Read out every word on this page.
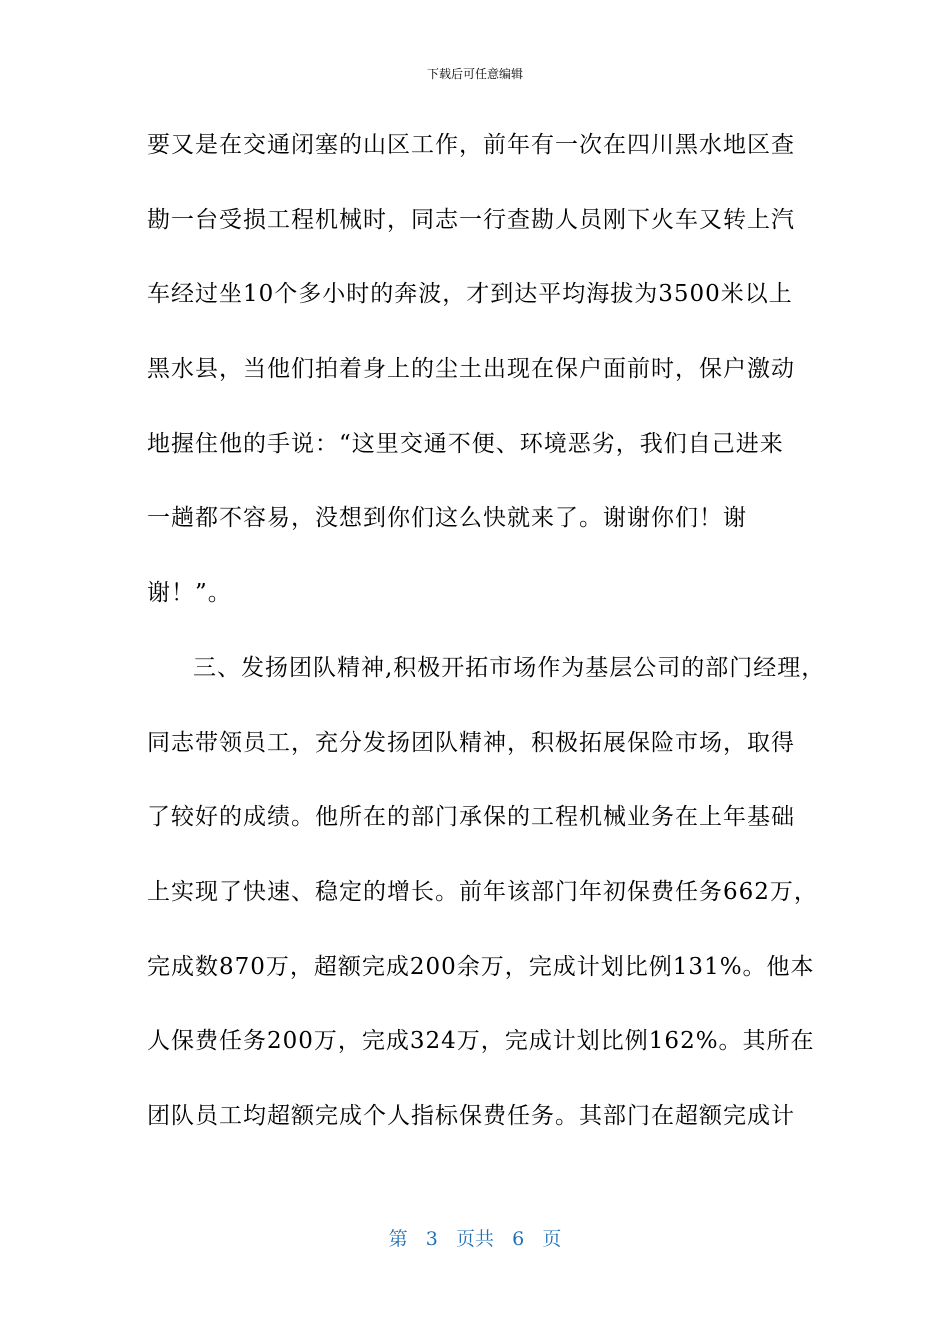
下载后可任意编辑
要又是在交通闭塞的山区工作，前年有一次在四川黑水地区查
勘一台受损工程机械时，同志一行查勘人员刚下火车又转上汽
车经过坐10个多小时的奔波，才到达平均海拔为3500米以上
黑水县，当他们拍着身上的尘土出现在保户面前时，保户激动
地握住他的手说：“这里交通不便、环境恶劣，我们自己进来
一趟都不容易，没想到你们这么快就来了。谢谢你们！谢
谢！”。
三、发扬团队精神,积极开拓市场作为基层公司的部门经理，
同志带领员工，充分发扬团队精神，积极拓展保险市场，取得
了较好的成绩。他所在的部门承保的工程机械业务在上年基础
上实现了快速、稳定的增长。前年该部门年初保费任务662万，
完成数870万，超额完成200余万，完成计划比例131%。他本
人保费任务200万，完成324万，完成计划比例162%。其所在
团队员工均超额完成个人指标保费任务。其部门在超额完成计
第 3 页共 6 页
